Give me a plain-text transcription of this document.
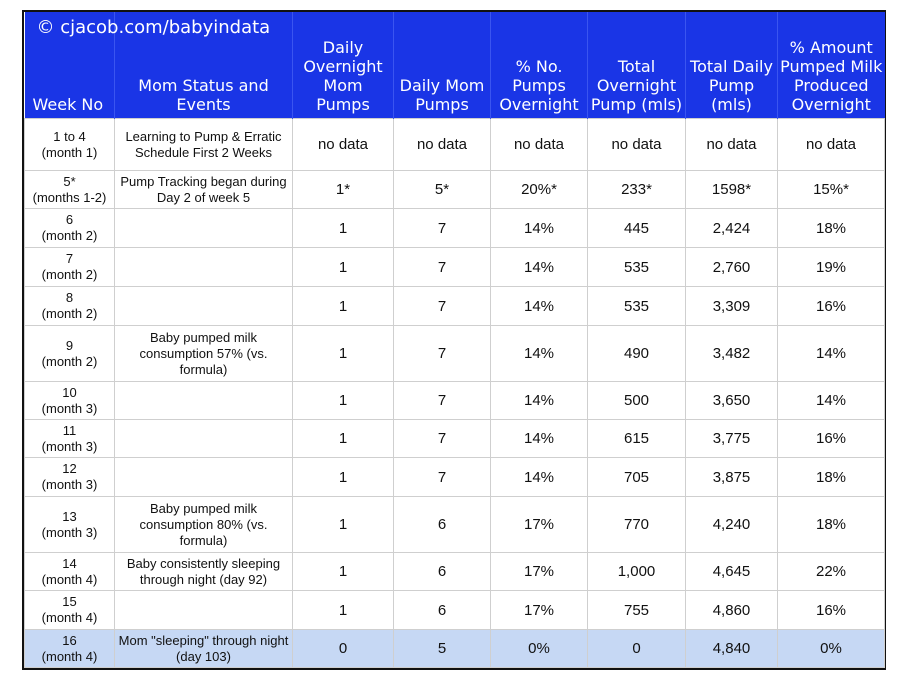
© cjacob.com/babyindata
Week No	Mom Status and Events	Daily Overnight Mom Pumps	Daily Mom Pumps	% No. Pumps Overnight	Total Overnight Pump (mls)	Total Daily Pump (mls)	% Amount Pumped Milk Produced Overnight

1 to 4
(month 1)	Learning to Pump & Erratic Schedule First 2 Weeks	no data	no data	no data	no data	no data	no data

5*
(months 1-2)	Pump Tracking began during Day 2 of week 5	1*	5*	20%*	233*	1598*	15%*

6
(month 2)		1	7	14%	445	2,424	18%

7
(month 2)		1	7	14%	535	2,760	19%

8
(month 2)		1	7	14%	535	3,309	16%

9
(month 2)	Baby pumped milk consumption 57% (vs. formula)	1	7	14%	490	3,482	14%

10
(month 3)		1	7	14%	500	3,650	14%

11
(month 3)		1	7	14%	615	3,775	16%

12
(month 3)		1	7	14%	705	3,875	18%

13
(month 3)	Baby pumped milk consumption 80% (vs. formula)	1	6	17%	770	4,240	18%

14
(month 4)	Baby consistently sleeping through night (day 92)	1	6	17%	1,000	4,645	22%

15
(month 4)		1	6	17%	755	4,860	16%

16
(month 4)	Mom "sleeping" through night (day 103)	0	5	0%	0	4,840	0%
